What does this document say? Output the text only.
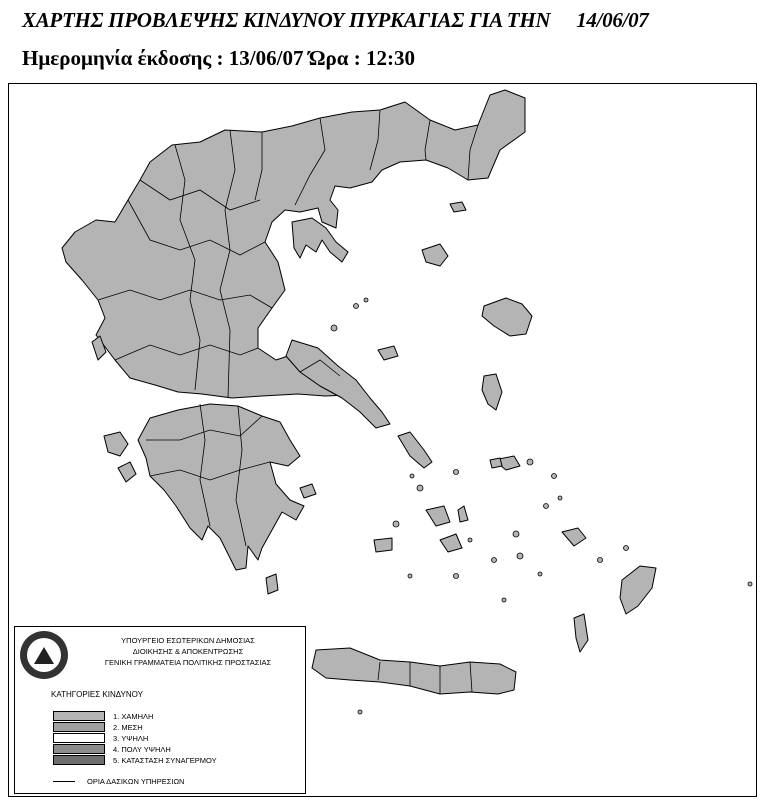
ΧΑΡΤΗΣ ΠΡΟΒΛΕΨΗΣ ΚΙΝΔΥΝΟΥ ΠΥΡΚΑΓΙΑΣ ΓΙΑ ΤΗΝ 14/06/07
Ημερομηνία έκδοσης : 13/06/07 Ώρα : 12:30
ΥΠΟΥΡΓΕΙΟ ΕΣΩΤΕΡΙΚΩΝ ΔΗΜΟΣΙΑΣ
ΔΙΟΙΚΗΣΗΣ & ΑΠΟΚΕΝΤΡΩΣΗΣ
ΓΕΝΙΚΗ ΓΡΑΜΜΑΤΕΙΑ ΠΟΛΙΤΙΚΗΣ ΠΡΟΣΤΑΣΙΑΣ
ΚΑΤΗΓΟΡΙΕΣ ΚΙΝΔΥΝΟΥ
1. ΧΑΜΗΛΗ
2. ΜΕΣΗ
3. ΥΨΗΛΗ
4. ΠΟΛΥ ΥΨΗΛΗ
5. ΚΑΤΑΣΤΑΣΗ ΣΥΝΑΓΕΡΜΟΥ
ΟΡΙΑ ΔΑΣΙΚΩΝ ΥΠΗΡΕΣΙΩΝ
